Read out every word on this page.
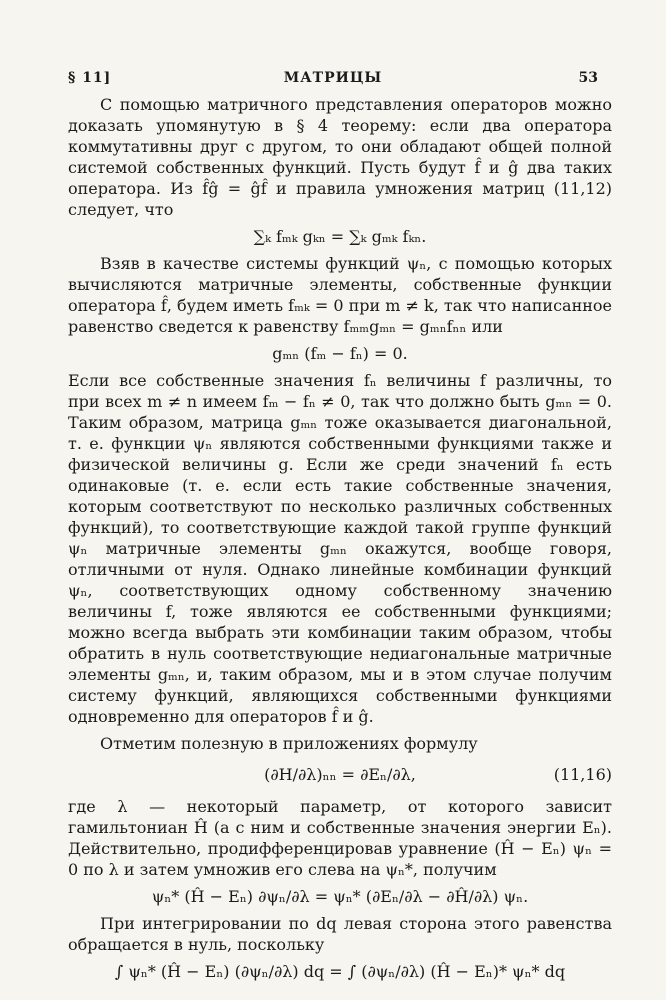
§ 11]	МАТРИЦЫ	53

С помощью матричного представления операторов можно доказать упомянутую в § 4 теорему: если два оператора коммутативны друг с другом, то они обладают общей полной системой собственных функций. Пусть будут f̂ и ĝ два таких оператора. Из f̂ĝ = ĝf̂ и правила умножения матриц (11,12) следует, что

∑ₖ fₘₖ gₖₙ = ∑ₖ gₘₖ fₖₙ.

Взяв в качестве системы функций ψₙ, с помощью которых вычисляются матричные элементы, собственные функции оператора f̂, будем иметь fₘₖ = 0 при m ≠ k, так что написанное равенство сведется к равенству fₘₘgₘₙ = gₘₙfₙₙ или

gₘₙ (fₘ − fₙ) = 0.

Если все собственные значения fₙ величины f различны, то при всех m ≠ n имеем fₘ − fₙ ≠ 0, так что должно быть gₘₙ = 0. Таким образом, матрица gₘₙ тоже оказывается диагональной, т. е. функции ψₙ являются собственными функциями также и физической величины g. Если же среди значений fₙ есть одинаковые (т. е. если есть такие собственные значения, которым соответствуют по несколько различных собственных функций), то соответствующие каждой такой группе функций ψₙ матричные элементы gₘₙ окажутся, вообще говоря, отличными от нуля. Однако линейные комбинации функций ψₙ, соответствующих одному собственному значению величины f, тоже являются ее собственными функциями; можно всегда выбрать эти комбинации таким образом, чтобы обратить в нуль соответствующие недиагональные матричные элементы gₘₙ, и, таким образом, мы и в этом случае получим систему функций, являющихся собственными функциями одновременно для операторов f̂ и ĝ.

Отметим полезную в приложениях формулу

(∂H/∂λ)ₙₙ = ∂Eₙ/∂λ,	(11,16)

где λ — некоторый параметр, от которого зависит гамильтониан Ĥ (а с ним и собственные значения энергии Eₙ). Действительно, продифференцировав уравнение (Ĥ − Eₙ) ψₙ = 0 по λ и затем умножив его слева на ψₙ*, получим

ψₙ* (Ĥ − Eₙ) ∂ψₙ/∂λ = ψₙ* (∂Eₙ/∂λ − ∂Ĥ/∂λ) ψₙ.

При интегрировании по dq левая сторона этого равенства обращается в нуль, поскольку

∫ ψₙ* (Ĥ − Eₙ) (∂ψₙ/∂λ) dq = ∫ (∂ψₙ/∂λ) (Ĥ − Eₙ)* ψₙ* dq
